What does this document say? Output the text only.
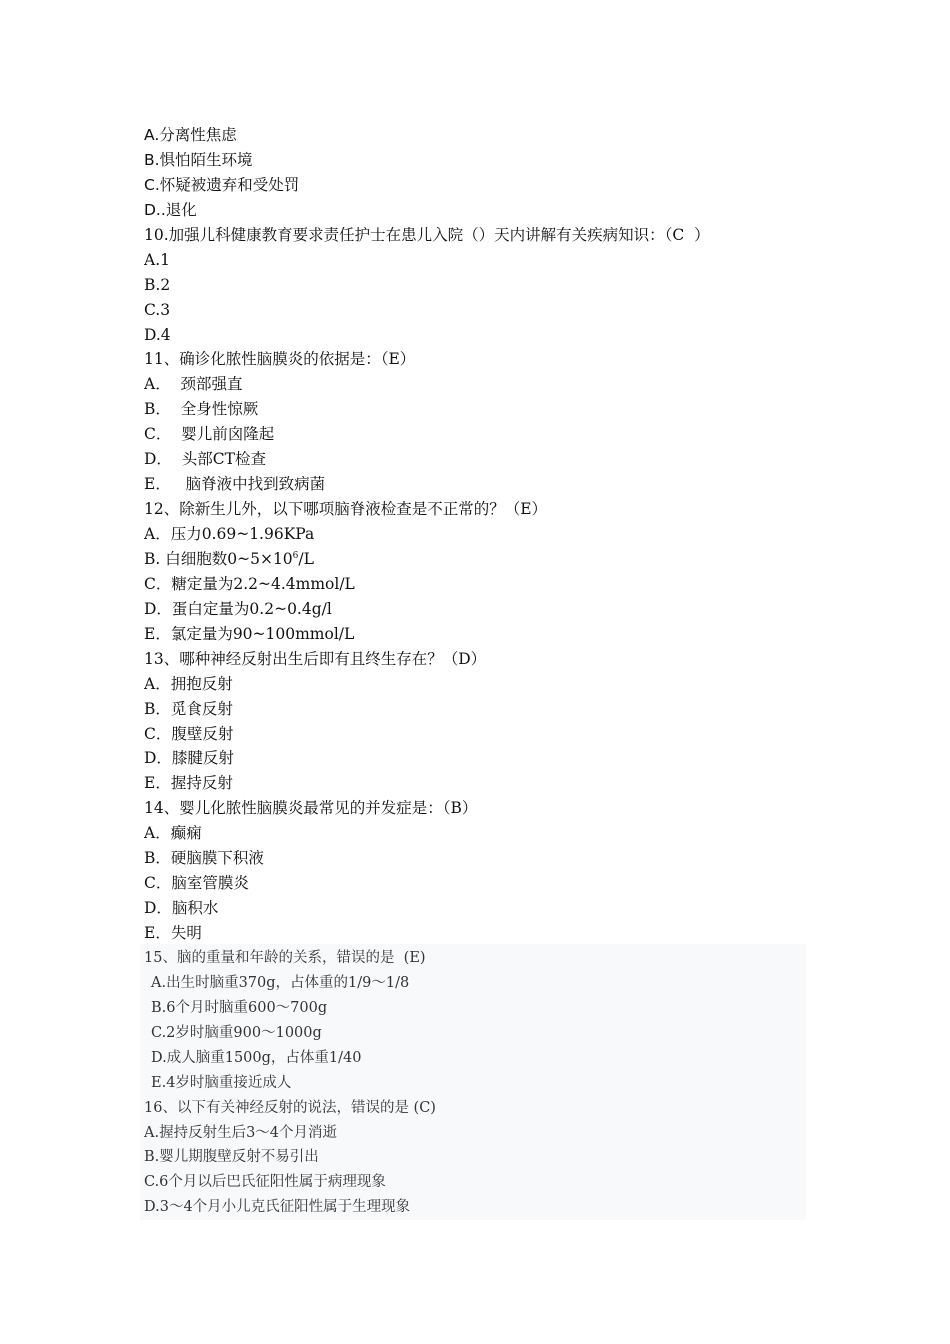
A.分离性焦虑
B.惧怕陌生环境
C.怀疑被遗弃和受处罚
D..退化
10.加强儿科健康教育要求责任护士在患儿入院（）天内讲解有关疾病知识：（C  ）
A.1
B.2
C.3
D.4
11、确诊化脓性脑膜炎的依据是：（E）
A．  颈部强直
B．  全身性惊厥
C．  婴儿前囟隆起
D．  头部CT检查
E．   脑脊液中找到致病菌
12、除新生儿外，以下哪项脑脊液检查是不正常的？（E）
A．压力0.69~1.96KPa
B. 白细胞数$0\sim 5\times 10^6/L$
C．糖定量为2.2~4.4mmol/L
D．蛋白定量为0.2~0.4g/l
E．氯定量为90~100mmol/L
13、哪种神经反射出生后即有且终生存在？（D）
A．拥抱反射
B．觅食反射
C．腹壁反射
D．膝腱反射
E．握持反射
14、婴儿化脓性脑膜炎最常见的并发症是：（B）
A．癫痫
B．硬脑膜下积液
C．脑室管膜炎
D．脑积水
E．失明
15、脑的重量和年龄的关系，错误的是  (E)
A.出生时脑重370g，占体重的1/9～1/8
B.6个月时脑重600～700g
C.2岁时脑重900～1000g
D.成人脑重1500g，占体重1/40
E.4岁时脑重接近成人
16、以下有关神经反射的说法，错误的是 (C)
A.握持反射生后3～4个月消逝
B.婴儿期腹壁反射不易引出
C.6个月以后巴氏征阳性属于病理现象
D.3～4个月小儿克氏征阳性属于生理现象
